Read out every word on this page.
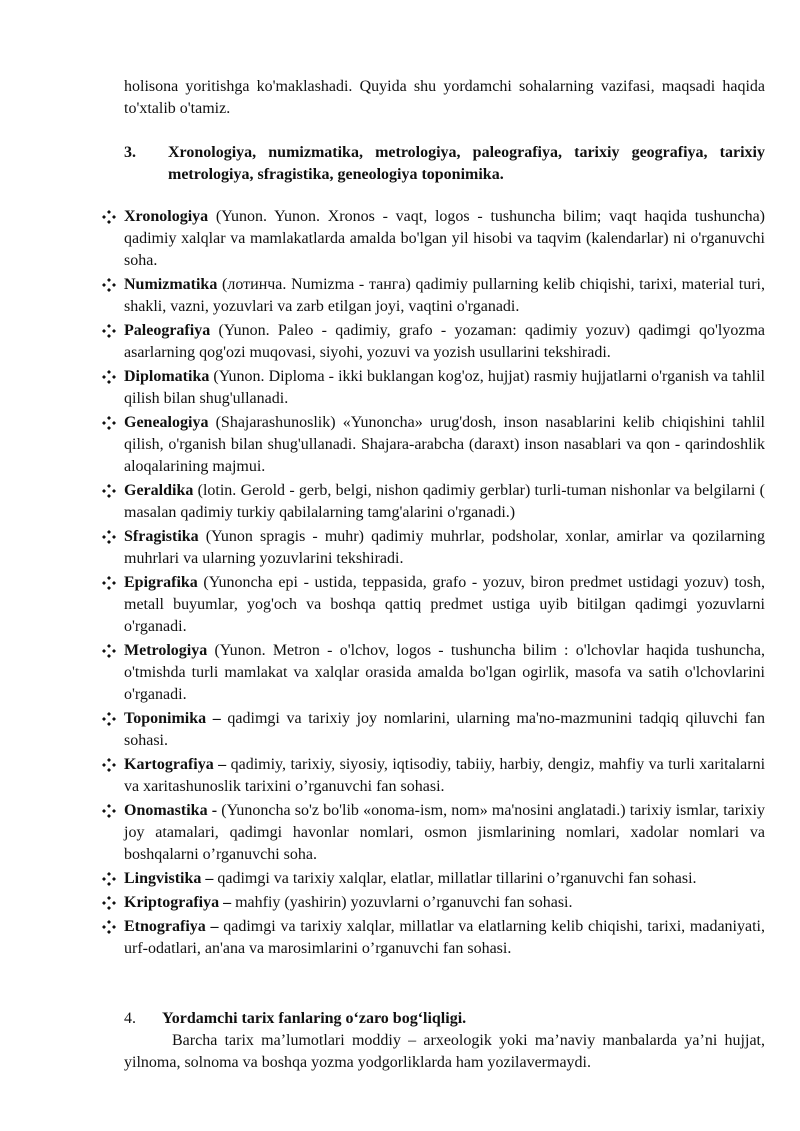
holisona yoritishga ko'maklashadi. Quyida shu yordamchi sohalarning vazifasi, maqsadi haqida to'xtalib o'tamiz.

3.	Xronologiya, numizmatika, metrologiya, paleografiya, tarixiy geografiya, tarixiy metrologiya, sfragistika, geneologiya toponimika.
Xronologiya (Yunon. Yunon. Xronos - vaqt, logos - tushuncha bilim; vaqt haqida tushuncha) qadimiy xalqlar va mamlakatlarda amalda bo'lgan yil hisobi va taqvim (kalendarlar) ni o'rganuvchi soha.
Numizmatika (лотинча. Numizma - танга) qadimiy pullarning kelib chiqishi, tarixi, material turi, shakli, vazni, yozuvlari va zarb etilgan joyi, vaqtini o'rganadi.
Paleografiya (Yunon. Paleo - qadimiy, grafo - yozaman: qadimiy yozuv) qadimgi qo'lyozma asarlarning qog'ozi muqovasi, siyohi, yozuvi va yozish usullarini tekshiradi.
Diplomatika (Yunon. Diploma - ikki buklangan kog'oz, hujjat) rasmiy hujjatlarni o'rganish va tahlil qilish bilan shug'ullanadi.
Genealogiya (Shajarashunoslik) «Yunoncha» urug'dosh, inson nasablarini kelib chiqishini tahlil qilish, o'rganish bilan shug'ullanadi. Shajara-arabcha (daraxt) inson nasablari va qon - qarindoshlik aloqalarining majmui.
Geraldika (lotin. Gerold - gerb, belgi, nishon qadimiy gerblar) turli-tuman nishonlar va belgilarni ( masalan qadimiy turkiy qabilalarning tamg'alarini o'rganadi.)
Sfragistika (Yunon spragis - muhr) qadimiy muhrlar, podsholar, xonlar, amirlar va qozilarning muhrlari va ularning yozuvlarini tekshiradi.
Epigrafika (Yunoncha epi - ustida, teppasida, grafo - yozuv, biron predmet ustidagi yozuv) tosh, metall buyumlar, yog'och va boshqa qattiq predmet ustiga uyib bitilgan qadimgi yozuvlarni o'rganadi.
Metrologiya (Yunon. Metron - o'lchov, logos - tushuncha bilim : o'lchovlar haqida tushuncha, o'tmishda turli mamlakat va xalqlar orasida amalda bo'lgan ogirlik, masofa va satih o'lchovlarini o'rganadi.
Toponimika – qadimgi va tarixiy joy nomlarini, ularning ma'no-mazmunini tadqiq qiluvchi fan sohasi.
Kartografiya – qadimiy, tarixiy, siyosiy, iqtisodiy, tabiiy, harbiy, dengiz, mahfiy va turli xaritalarni va xaritashunoslik tarixini o’rganuvchi fan sohasi.
Onomastika - (Yunoncha so'z bo'lib «onoma-ism, nom» ma'nosini anglatadi.) tarixiy ismlar, tarixiy joy atamalari, qadimgi havonlar nomlari, osmon jismlarining nomlari, xadolar nomlari va boshqalarni o’rganuvchi soha.
Lingvistika – qadimgi va tarixiy xalqlar, elatlar, millatlar tillarini o’rganuvchi fan sohasi.
Kriptografiya – mahfiy (yashirin) yozuvlarni o’rganuvchi fan sohasi.
Etnografiya – qadimgi va tarixiy xalqlar, millatlar va elatlarning kelib chiqishi, tarixi, madaniyati, urf-odatlari, an'ana va marosimlarini o’rganuvchi fan sohasi.
4.	Yordamchi tarix fanlaring o‘zaro bog‘liqligi.

Barcha tarix ma’lumotlari moddiy – arxeologik yoki ma’naviy manbalarda ya’ni hujjat, yilnoma, solnoma va boshqa yozma yodgorliklarda ham yozilavermaydi.
